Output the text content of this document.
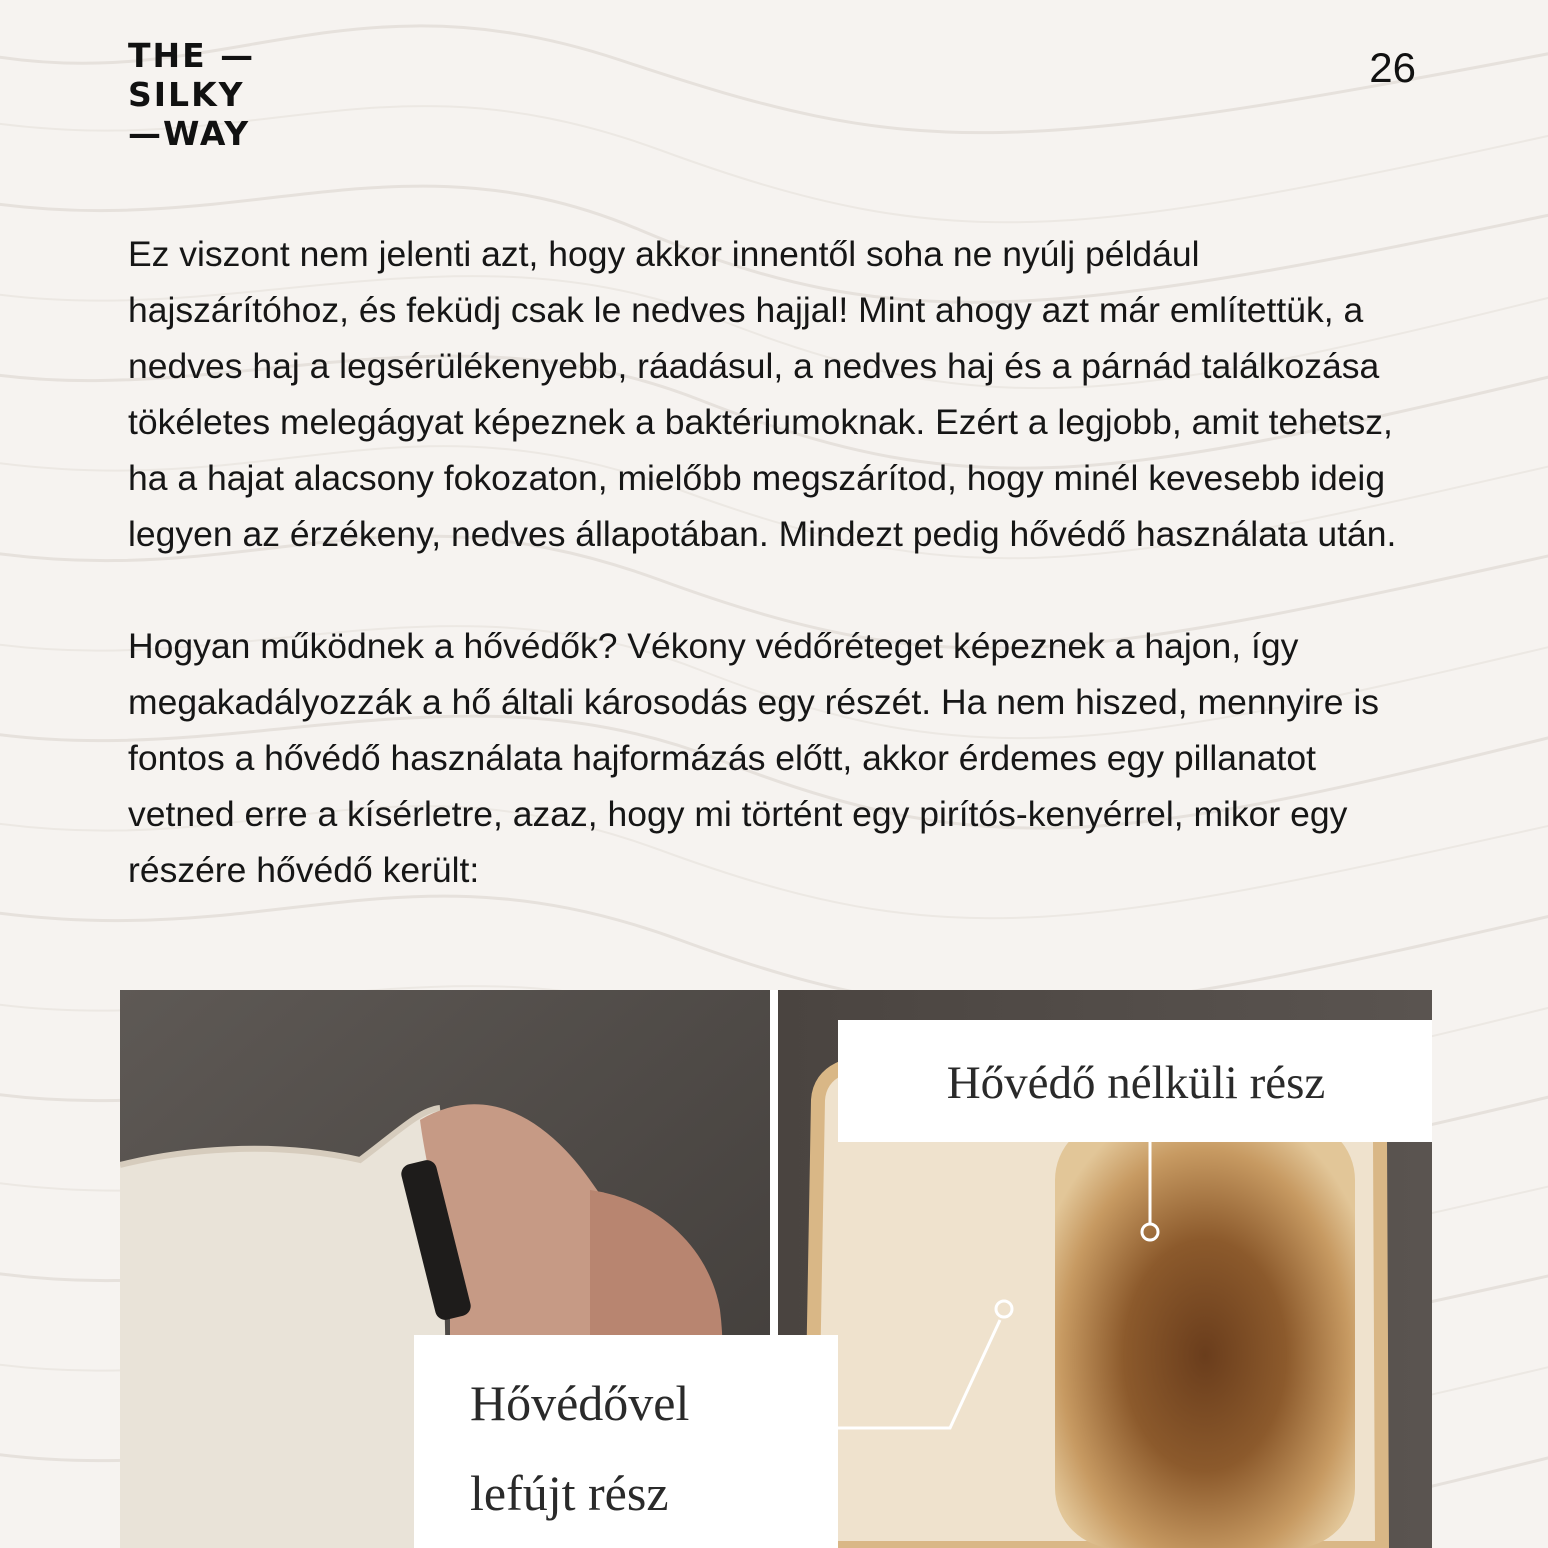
THE —
SILKY
—WAY
26

Ez viszont nem jelenti azt, hogy akkor innentől soha ne nyúlj például hajszárítóhoz, és feküdj csak le nedves hajjal! Mint ahogy azt már említettük, a nedves haj a legsérülékenyebb, ráadásul, a nedves haj és a párnád találkozása tökéletes melegágyat képeznek a baktériumoknak. Ezért a legjobb, amit tehetsz, ha a hajat alacsony fokozaton, mielőbb megszárítod, hogy minél kevesebb ideig legyen az érzékeny, nedves állapotában. Mindezt pedig hővédő használata után.

Hogyan működnek a hővédők? Vékony védőréteget képeznek a hajon, így megakadályozzák a hő általi károsodás egy részét. Ha nem hiszed, mennyire is fontos a hővédő használata hajformázás előtt, akkor érdemes egy pillanatot vetned erre a kísérletre, azaz, hogy mi történt egy pirítós-kenyérrel, mikor egy részére hővédő került:

Hővédő nélküli rész
Hővédővel
lefújt rész
